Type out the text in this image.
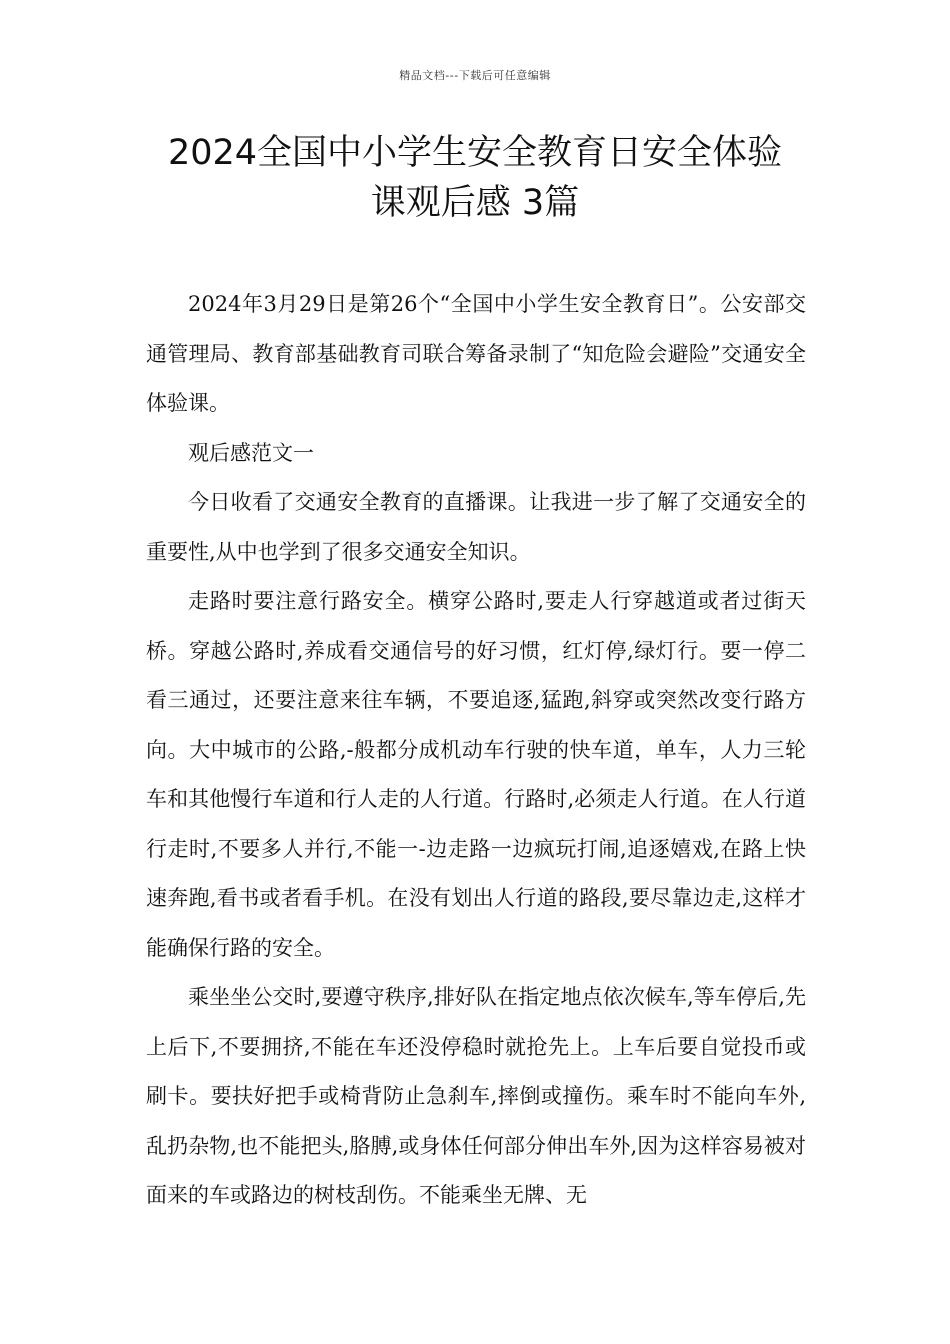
精品文档---下载后可任意编辑
2024全国中小学生安全教育日安全体验
课观后感 3篇

2024年3月29日是第26个“全国中小学生安全教育日”。公安部交通管理局、教育部基础教育司联合筹备录制了“知危险会避险”交通安全体验课。

观后感范文一

今日收看了交通安全教育的直播课。让我进一步了解了交通安全的重要性,从中也学到了很多交通安全知识。

走路时要注意行路安全。横穿公路时,要走人行穿越道或者过街天桥。穿越公路时,养成看交通信号的好习惯，红灯停,绿灯行。要一停二看三通过，还要注意来往车辆，不要追逐,猛跑,斜穿或突然改变行路方向。大中城市的公路,-般都分成机动车行驶的快车道，单车，人力三轮车和其他慢行车道和行人走的人行道。行路时,必须走人行道。在人行道行走时,不要多人并行,不能一-边走路一边疯玩打闹,追逐嬉戏,在路上快速奔跑,看书或者看手机。在没有划出人行道的路段,要尽靠边走,这样才能确保行路的安全。

乘坐坐公交时,要遵守秩序,排好队在指定地点依次候车,等车停后,先上后下,不要拥挤,不能在车还没停稳时就抢先上。上车后要自觉投币或刷卡。要扶好把手或椅背防止急刹车,摔倒或撞伤。乘车时不能向车外,乱扔杂物,也不能把头,胳膊,或身体任何部分伸出车外,因为这样容易被对面来的车或路边的树枝刮伤。不能乘坐无牌、无
